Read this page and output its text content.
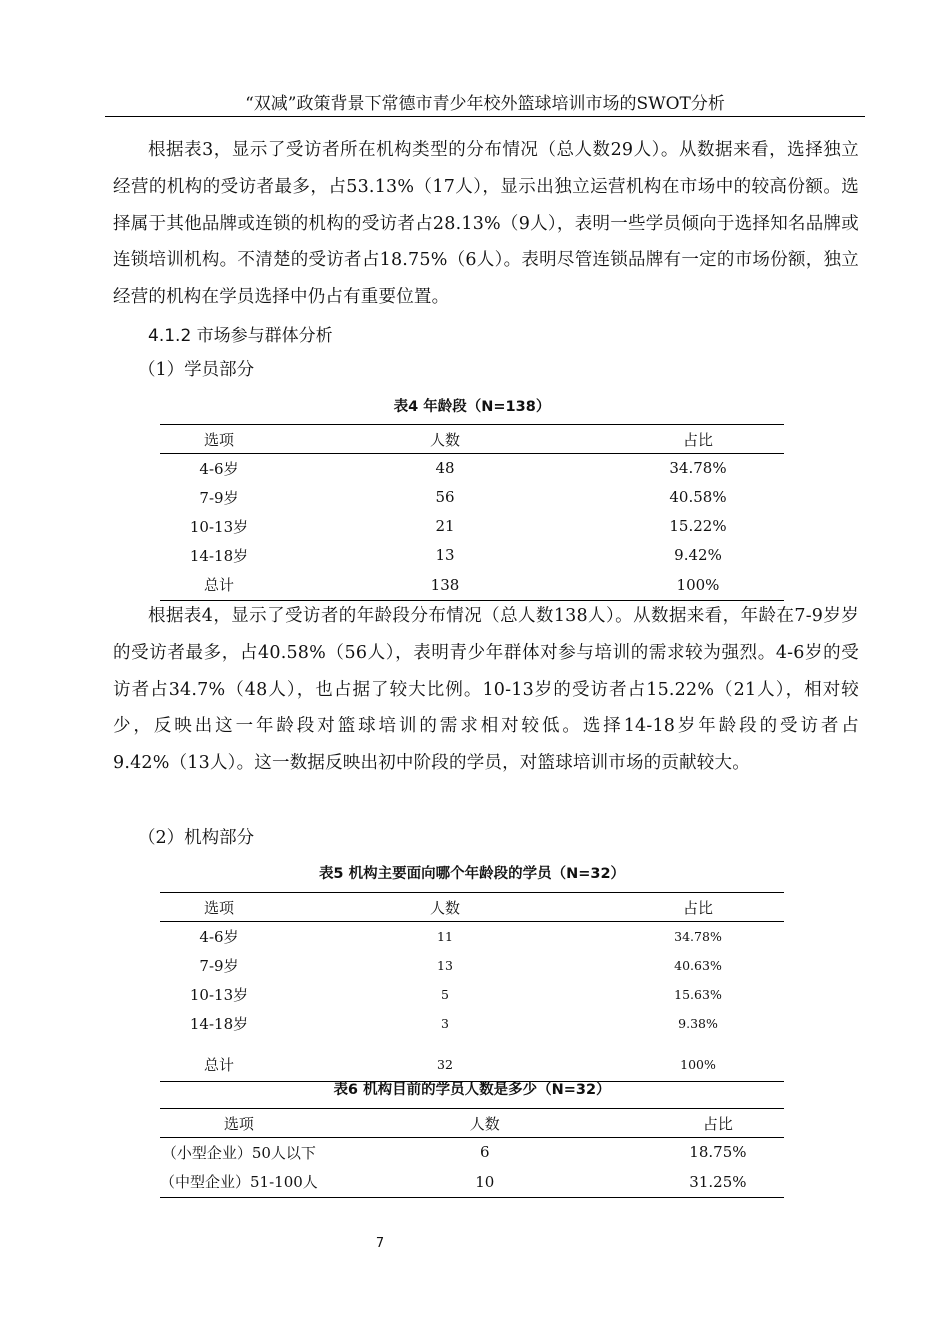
“双减”政策背景下常德市青少年校外篮球培训市场的SWOT分析

根据表3，显示了受访者所在机构类型的分布情况（总人数29人）。从数据来看，选择独立经营的机构的受访者最多，占53.13%（17人），显示出独立运营机构在市场中的较高份额。选择属于其他品牌或连锁的机构的受访者占28.13%（9人），表明一些学员倾向于选择知名品牌或连锁培训机构。不清楚的受访者占18.75%（6人）。表明尽管连锁品牌有一定的市场份额，独立经营的机构在学员选择中仍占有重要位置。

4.1.2 市场参与群体分析
（1）学员部分
表4 年龄段（N=138）
选项	人数	占比
4-6岁	48	34.78%
7-9岁	56	40.58%
10-13岁	21	15.22%
14-18岁	13	9.42%
总计	138	100%

根据表4，显示了受访者的年龄段分布情况（总人数138人）。从数据来看，年龄在7-9岁岁的受访者最多，占40.58%（56人），表明青少年群体对参与培训的需求较为强烈。4-6岁的受访者占34.7%（48人），也占据了较大比例。10-13岁的受访者占15.22%（21人），相对较少，反映出这一年龄段对篮球培训的需求相对较低。选择14-18岁年龄段的受访者占9.42%（13人）。这一数据反映出初中阶段的学员，对篮球培训市场的贡献较大。

（2）机构部分
表5 机构主要面向哪个年龄段的学员（N=32）
选项	人数	占比
4-6岁	11	34.78%
7-9岁	13	40.63%
10-13岁	5	15.63%
14-18岁	3	9.38%
总计	32	100%
表6 机构目前的学员人数是多少（N=32）
选项	人数	占比
（小型企业）50人以下	6	18.75%
（中型企业）51-100人	10	31.25%
7
